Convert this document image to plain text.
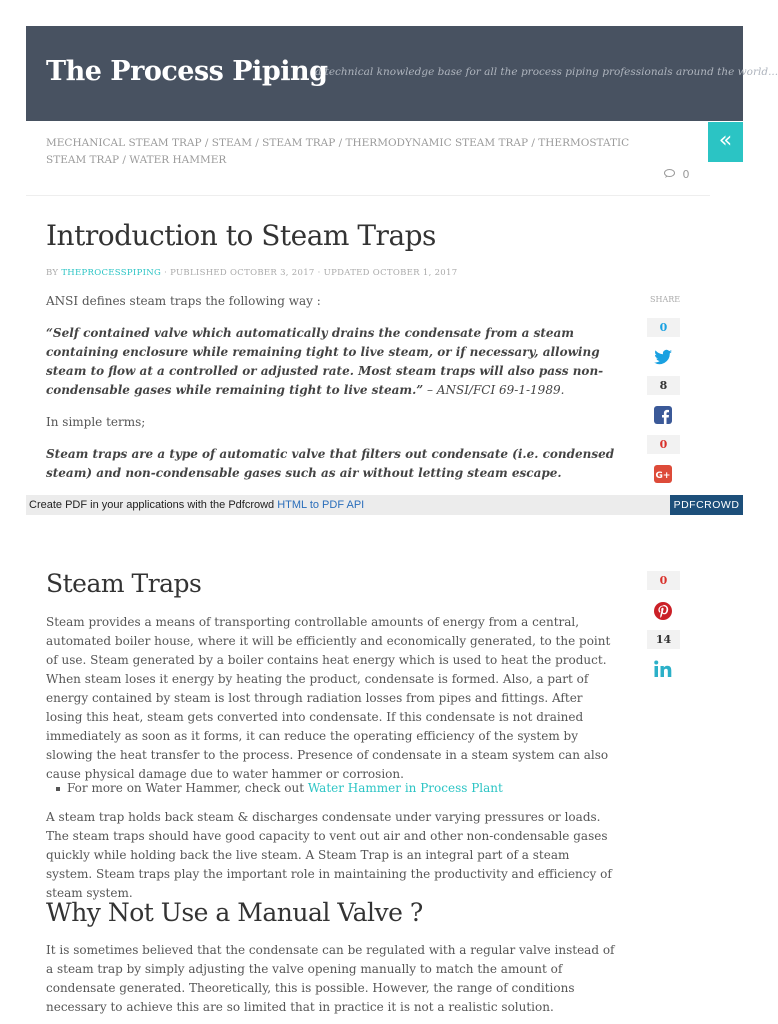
The Process Piping
a technical knowledge base for all the process piping professionals around the world...
MECHANICAL STEAM TRAP / STEAM / STEAM TRAP / THERMODYNAMIC STEAM TRAP / THERMOSTATIC STEAM TRAP / WATER HAMMER
«
0
Introduction to Steam Traps
BY THEPROCESSPIPING · PUBLISHED OCTOBER 3, 2017 · UPDATED OCTOBER 1, 2017
ANSI defines steam traps the following way :
“Self contained valve which automatically drains the condensate from a steam containing enclosure while remaining tight to live steam, or if necessary, allowing steam to flow at a controlled or adjusted rate. Most steam traps will also pass non-condensable gases while remaining tight to live steam.” – ANSI/FCI 69-1-1989.
In simple terms;
Steam traps are a type of automatic valve that filters out condensate (i.e. condensed steam) and non-condensable gases such as air without letting steam escape.
SHARE
0
8
0
G+
Create PDF in your applications with the Pdfcrowd HTML to PDF API	PDFCROWD
Steam Traps	0
14
Steam provides a means of transporting controllable amounts of energy from a central, automated boiler house, where it will be efficiently and economically generated, to the point of use. Steam generated by a boiler contains heat energy which is used to heat the product. When steam loses it energy by heating the product, condensate is formed. Also, a part of energy contained by steam is lost through radiation losses from pipes and fittings. After losing this heat, steam gets converted into condensate. If this condensate is not drained immediately as soon as it forms, it can reduce the operating efficiency of the system by slowing the heat transfer to the process. Presence of condensate in a steam system can also cause physical damage due to water hammer or corrosion.
For more on Water Hammer, check out Water Hammer in Process Plant
A steam trap holds back steam & discharges condensate under varying pressures or loads. The steam traps should have good capacity to vent out air and other non-condensable gases quickly while holding back the live steam. A Steam Trap is an integral part of a steam system. Steam traps play the important role in maintaining the productivity and efficiency of steam system.
Why Not Use a Manual Valve ?
It is sometimes believed that the condensate can be regulated with a regular valve instead of a steam trap by simply adjusting the valve opening manually to match the amount of condensate generated. Theoretically, this is possible. However, the range of conditions necessary to achieve this are so limited that in practice it is not a realistic solution.
